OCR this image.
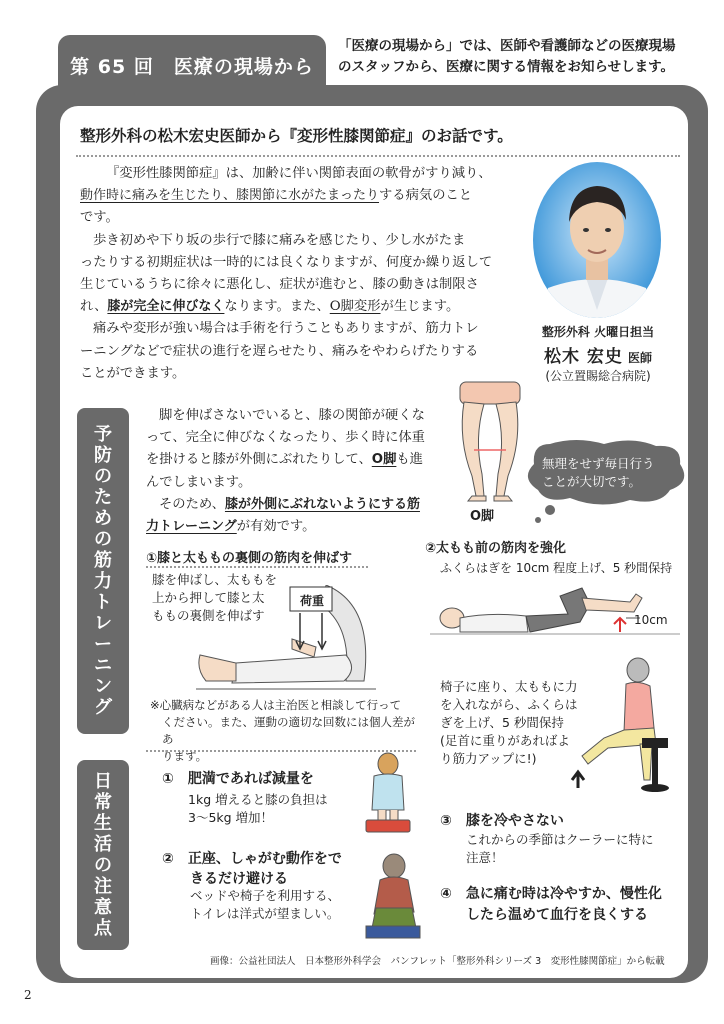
第 65 回　医療の現場から
「医療の現場から」では、医師や看護師などの医療現場
のスタッフから、医療に関する情報をお知らせします。
整形外科の松木宏史医師から『変形性膝関節症』のお話です。
『変形性膝関節症』は、加齢に伴い関節表面の軟骨がすり減り、
動作時に痛みを生じたり、膝関節に水がたまったりする病気のこと
です。
歩き初めや下り坂の歩行で膝に痛みを感じたり、少し水がたま
ったりする初期症状は一時的には良くなりますが、何度か繰り返して
生じているうちに徐々に悪化し、症状が進むと、膝の動きは制限さ
れ、膝が完全に伸びなくなります。また、O脚変形が生じます。
痛みや変形が強い場合は手術を行うこともありますが、筋力トレ
ーニングなどで症状の進行を遅らせたり、痛みをやわらげたりする
ことができます。
整形外科 火曜日担当
松木 宏史 医師
(公立置賜総合病院)
予
防
の
た
め
の
筋
力
ト
レ
ー
ニ
ン
グ
脚を伸ばさないでいると、膝の関節が硬くな
って、完全に伸びなくなったり、歩く時に体重
を掛けると膝が外側にぶれたりして、O脚も進
んでしまいます。
そのため、膝が外側にぶれないようにする筋
力トレーニングが有効です。
O脚
無理をせず毎日行う
ことが大切です。
①膝と太ももの裏側の筋肉を伸ばす
膝を伸ばし、太ももを
上から押して膝と太
ももの裏側を伸ばす
荷重
②太もも前の筋肉を強化
ふくらはぎを 10cm 程度上げ、5 秒間保持
10cm
椅子に座り、太ももに力
を入れながら、ふくらは
ぎを上げ、5 秒間保持
(足首に重りがあればよ
り筋力アップに!)
※心臓病などがある人は主治医と相談して行って
ください。また、運動の適切な回数には個人差があ
ります。
日
常
生
活
の
注
意
点
①　 肥満であれば減量を
1kg 増えると膝の負担は
3～5kg 増加！
②　 正座、しゃがむ動作をで
きるだけ避ける
ベッドや椅子を利用する、
トイレは洋式が望ましい。
③　 膝を冷やさない
これからの季節はクーラーに特に
注意！
④　 急に痛む時は冷やすか、慢性化
したら温めて血行を良くする
画像：公益社団法人　日本整形外科学会　パンフレット「整形外科シリーズ 3　変形性膝関節症」から転載
2
